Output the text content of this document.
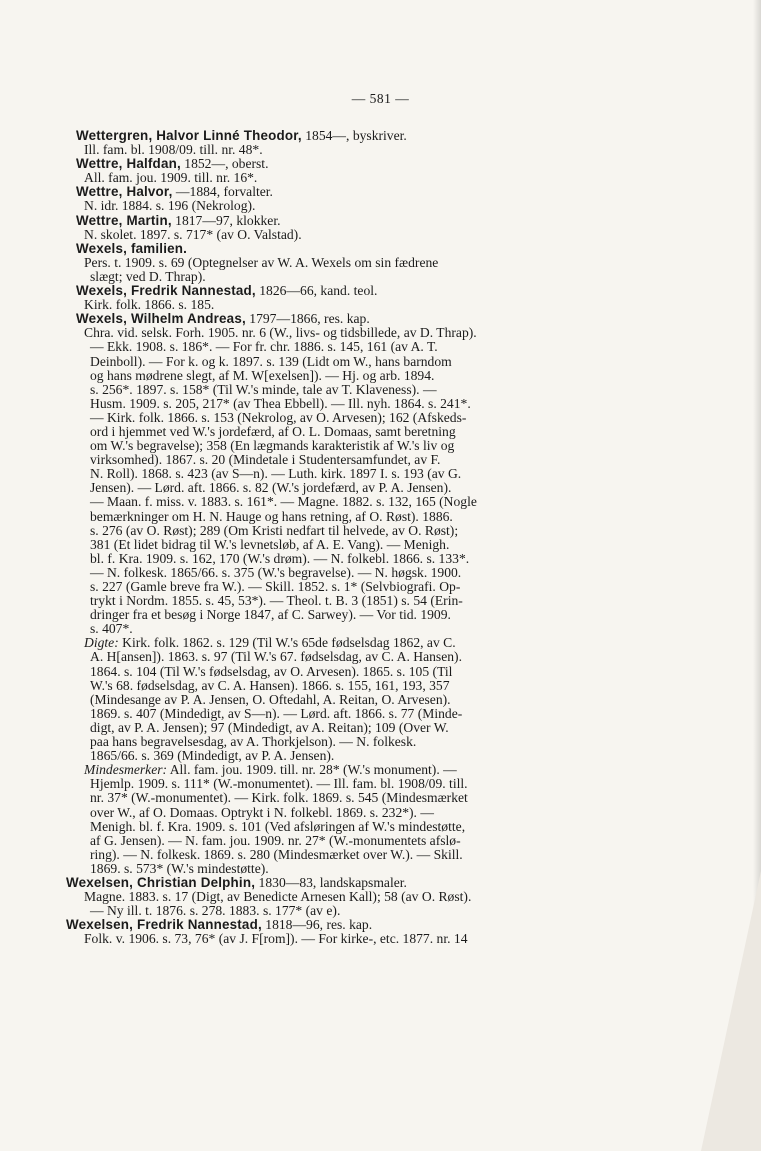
— 581 —
Wettergren, Halvor Linné Theodor, 1854—, byskriver.
Ill. fam. bl. 1908/09. till. nr. 48*.
Wettre, Halfdan, 1852—, oberst.
All. fam. jou. 1909. till. nr. 16*.
Wettre, Halvor, —1884, forvalter.
N. idr. 1884. s. 196 (Nekrolog).
Wettre, Martin, 1817—97, klokker.
N. skolet. 1897. s. 717* (av O. Valstad).
Wexels, familien.
Pers. t. 1909. s. 69 (Optegnelser av W. A. Wexels om sin fædrene
slægt; ved D. Thrap).
Wexels, Fredrik Nannestad, 1826—66, kand. teol.
Kirk. folk. 1866. s. 185.
Wexels, Wilhelm Andreas, 1797—1866, res. kap.
Chra. vid. selsk. Forh. 1905. nr. 6 (W., livs- og tidsbillede, av D. Thrap).
— Ekk. 1908. s. 186*. — For fr. chr. 1886. s. 145, 161 (av A. T.
Deinboll). — For k. og k. 1897. s. 139 (Lidt om W., hans barndom
og hans mødrene slegt, af M. W[exelsen]). — Hj. og arb. 1894.
s. 256*. 1897. s. 158* (Til W.'s minde, tale av T. Klaveness). —
Husm. 1909. s. 205, 217* (av Thea Ebbell). — Ill. nyh. 1864. s. 241*.
— Kirk. folk. 1866. s. 153 (Nekrolog, av O. Arvesen); 162 (Afskeds-
ord i hjemmet ved W.'s jordefærd, af O. L. Domaas, samt beretning
om W.'s begravelse); 358 (En lægmands karakteristik af W.'s liv og
virksomhed). 1867. s. 20 (Mindetale i Studentersamfundet, av F.
N. Roll). 1868. s. 423 (av S—n). — Luth. kirk. 1897 I. s. 193 (av G.
Jensen). — Lørd. aft. 1866. s. 82 (W.'s jordefærd, av P. A. Jensen).
— Maan. f. miss. v. 1883. s. 161*. — Magne. 1882. s. 132, 165 (Nogle
bemærkninger om H. N. Hauge og hans retning, af O. Røst). 1886.
s. 276 (av O. Røst); 289 (Om Kristi nedfart til helvede, av O. Røst);
381 (Et lidet bidrag til W.'s levnetsløb, af A. E. Vang). — Menigh.
bl. f. Kra. 1909. s. 162, 170 (W.'s drøm). — N. folkebl. 1866. s. 133*.
— N. folkesk. 1865/66. s. 375 (W.'s begravelse). — N. høgsk. 1900.
s. 227 (Gamle breve fra W.). — Skill. 1852. s. 1* (Selvbiografi. Op-
trykt i Nordm. 1855. s. 45, 53*). — Theol. t. B. 3 (1851) s. 54 (Erin-
dringer fra et besøg i Norge 1847, af C. Sarwey). — Vor tid. 1909.
s. 407*.
Digte: Kirk. folk. 1862. s. 129 (Til W.'s 65de fødselsdag 1862, av C.
A. H[ansen]). 1863. s. 97 (Til W.'s 67. fødselsdag, av C. A. Hansen).
1864. s. 104 (Til W.'s fødselsdag, av O. Arvesen). 1865. s. 105 (Til
W.'s 68. fødselsdag, av C. A. Hansen). 1866. s. 155, 161, 193, 357
(Mindesange av P. A. Jensen, O. Oftedahl, A. Reitan, O. Arvesen).
1869. s. 407 (Mindedigt, av S—n). — Lørd. aft. 1866. s. 77 (Minde-
digt, av P. A. Jensen); 97 (Mindedigt, av A. Reitan); 109 (Over W.
paa hans begravelsesdag, av A. Thorkjelson). — N. folkesk.
1865/66. s. 369 (Mindedigt, av P. A. Jensen).
Mindesmerker: All. fam. jou. 1909. till. nr. 28* (W.'s monument). —
Hjemlp. 1909. s. 111* (W.-monumentet). — Ill. fam. bl. 1908/09. till.
nr. 37* (W.-monumentet). — Kirk. folk. 1869. s. 545 (Mindesmærket
over W., af O. Domaas. Optrykt i N. folkebl. 1869. s. 232*). —
Menigh. bl. f. Kra. 1909. s. 101 (Ved afsløringen af W.'s mindestøtte,
af G. Jensen). — N. fam. jou. 1909. nr. 27* (W.-monumentets afslø-
ring). — N. folkesk. 1869. s. 280 (Mindesmærket over W.). — Skill.
1869. s. 573* (W.'s mindestøtte).
Wexelsen, Christian Delphin, 1830—83, landskapsmaler.
Magne. 1883. s. 17 (Digt, av Benedicte Arnesen Kall); 58 (av O. Røst).
— Ny ill. t. 1876. s. 278. 1883. s. 177* (av e).
Wexelsen, Fredrik Nannestad, 1818—96, res. kap.
Folk. v. 1906. s. 73, 76* (av J. F[rom]). — For kirke-, etc. 1877. nr. 14
